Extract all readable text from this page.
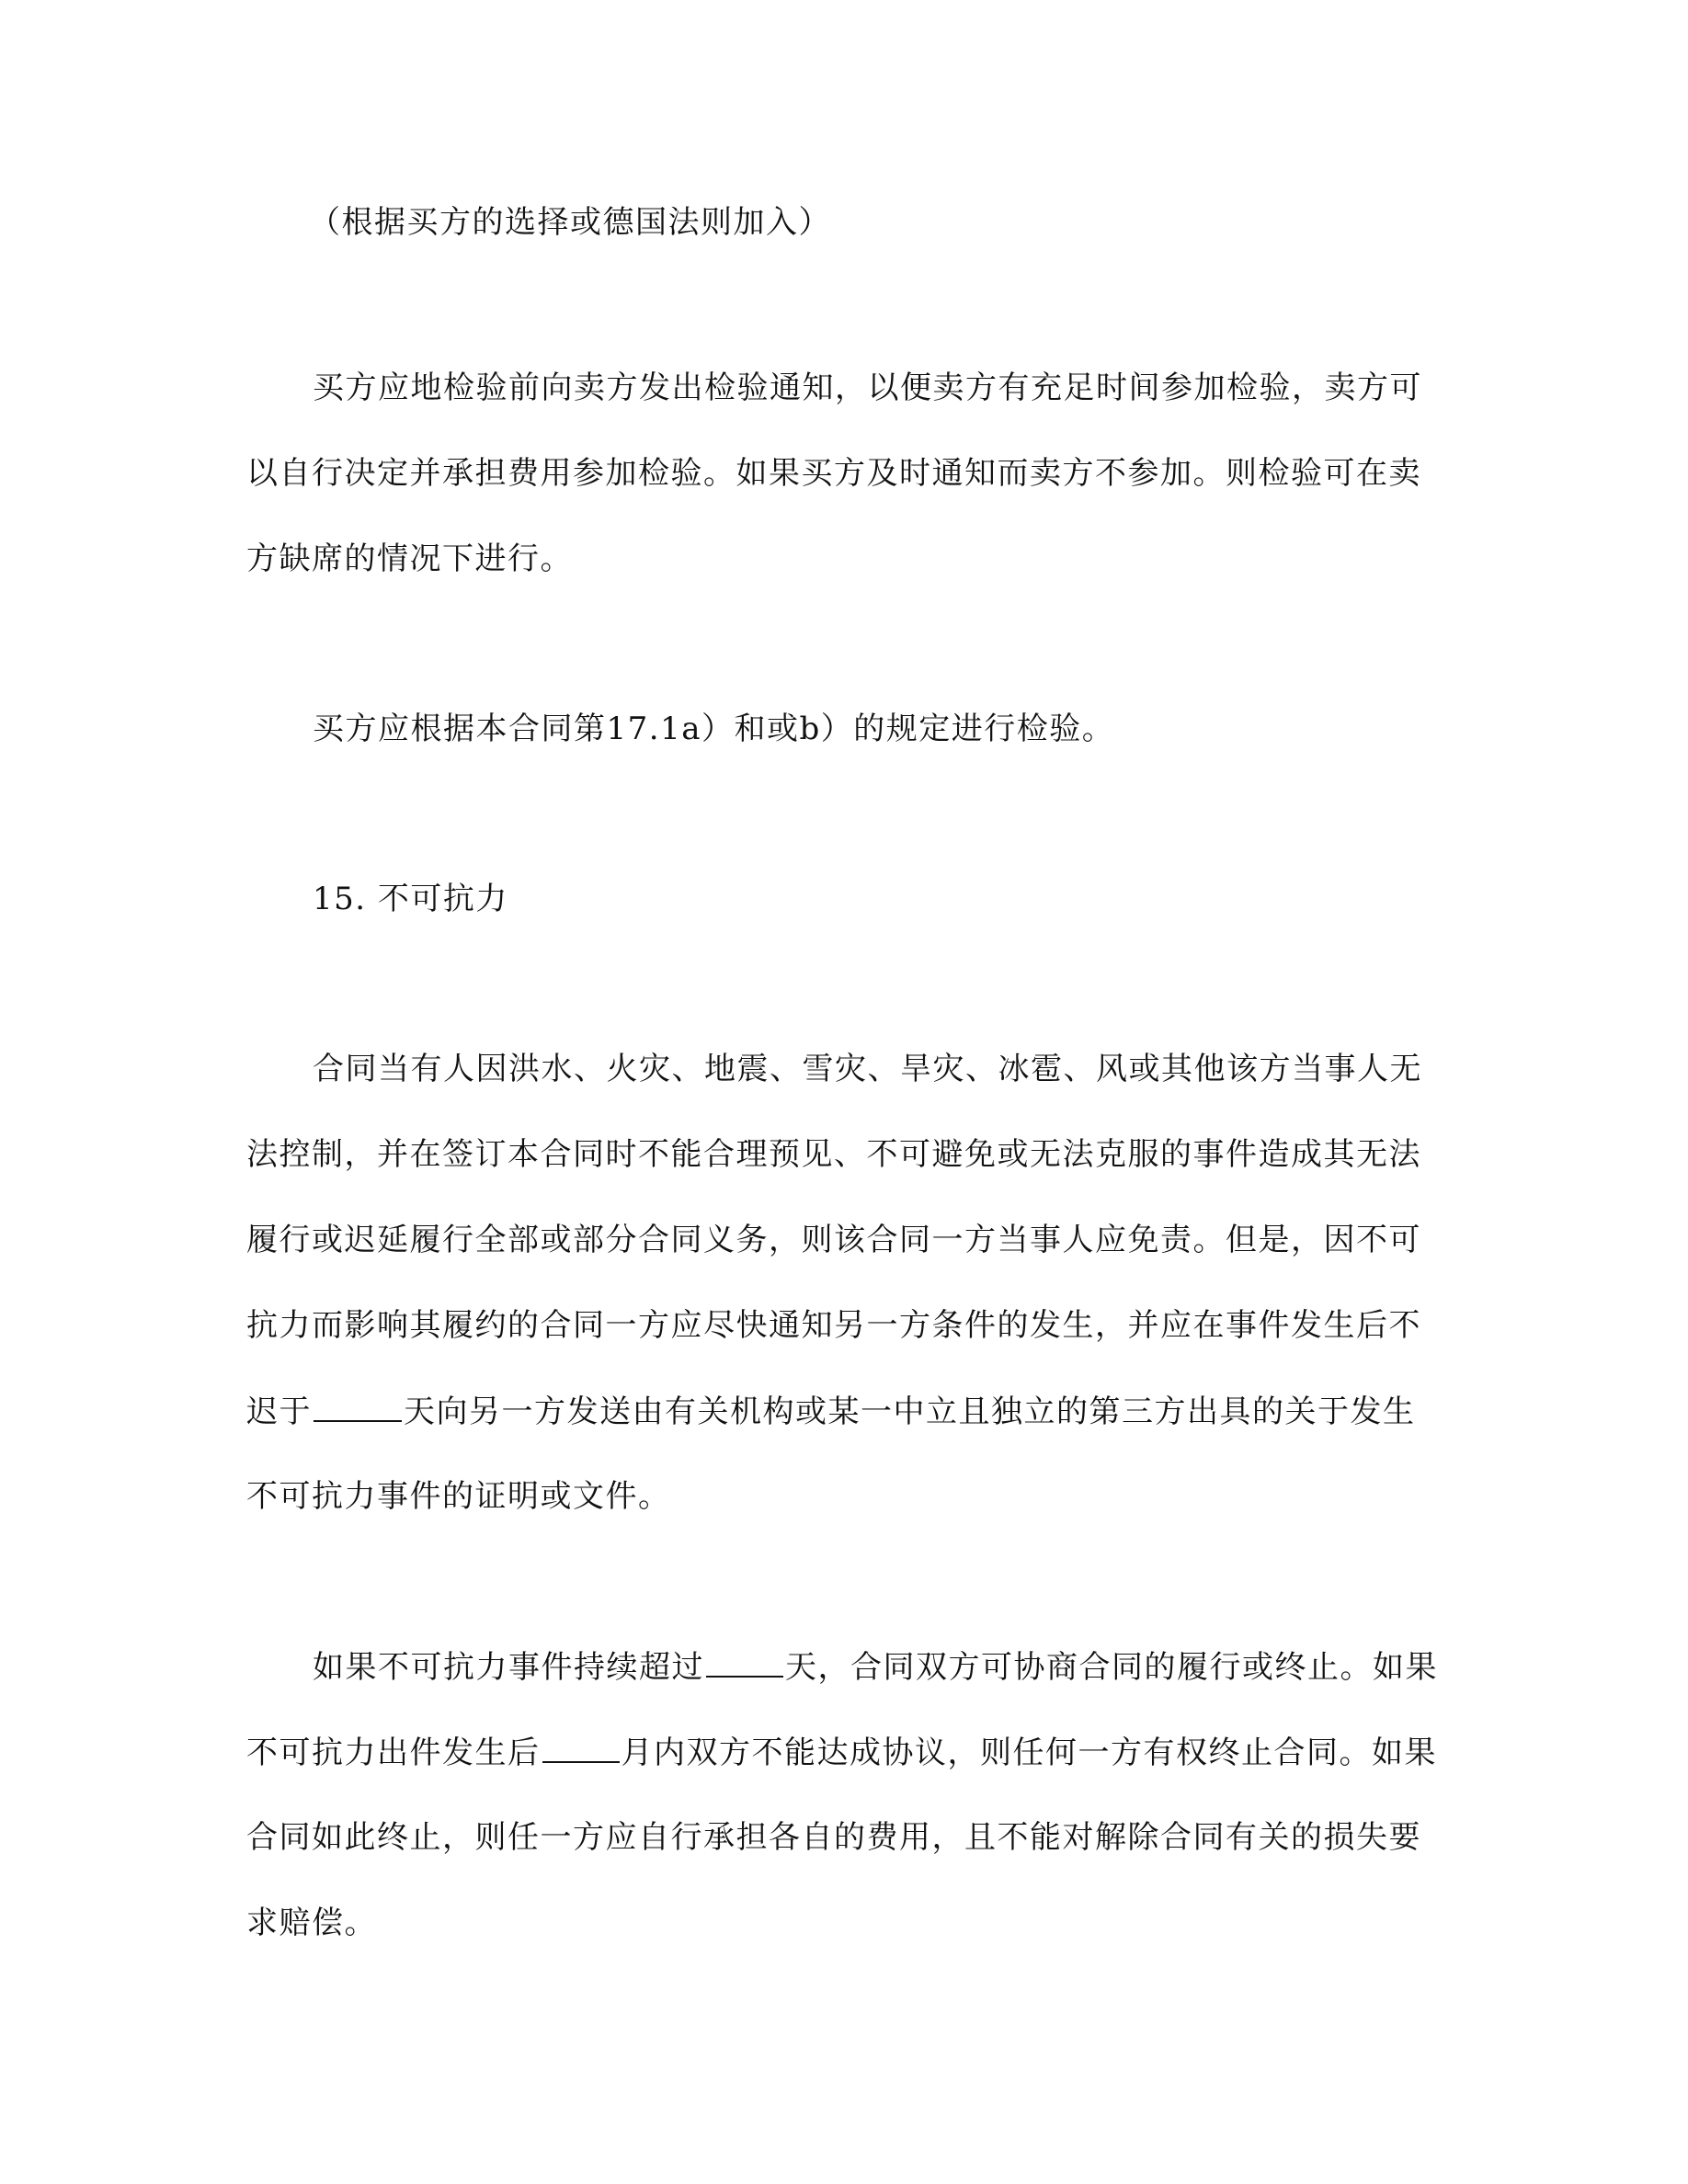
（根据买方的选择或德国法则加入）
买方应地检验前向卖方发出检验通知，以便卖方有充足时间参加检验，卖方可
以自行决定并承担费用参加检验。如果买方及时通知而卖方不参加。则检验可在卖
方缺席的情况下进行。
买方应根据本合同第17.1a）和或b）的规定进行检验。
15. 不可抗力
合同当有人因洪水、火灾、地震、雪灾、旱灾、冰雹、风或其他该方当事人无
法控制，并在签订本合同时不能合理预见、不可避免或无法克服的事件造成其无法
履行或迟延履行全部或部分合同义务，则该合同一方当事人应免责。但是，因不可
抗力而影响其履约的合同一方应尽快通知另一方条件的发生，并应在事件发生后不
迟于	天向另一方发送由有关机构或某一中立且独立的第三方出具的关于发生
不可抗力事件的证明或文件。
如果不可抗力事件持续超过	天，合同双方可协商合同的履行或终止。如果
不可抗力出件发生后	月内双方不能达成协议，则任何一方有权终止合同。如果
合同如此终止，则任一方应自行承担各自的费用，且不能对解除合同有关的损失要
求赔偿。
